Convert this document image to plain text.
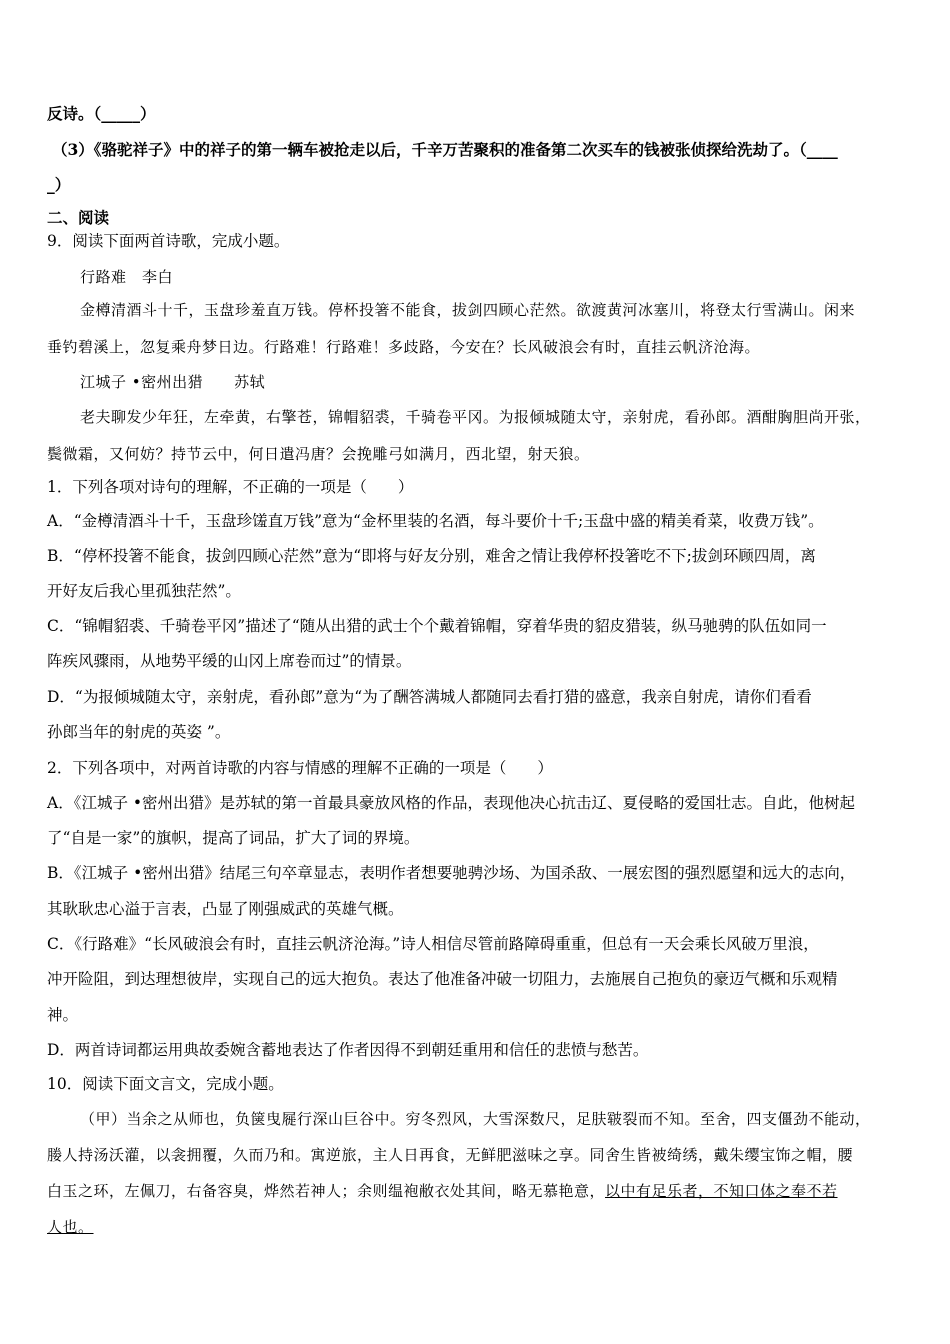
反诗。（_____）
（3）《骆驼祥子》中的祥子的第一辆车被抢走以后，千辛万苦聚积的准备第二次买车的钱被张侦探给洗劫了。（____
_）
二、阅读
9．阅读下面两首诗歌，完成小题。
行路难　李白
金樽清酒斗十千，玉盘珍羞直万钱。停杯投箸不能食，拔剑四顾心茫然。欲渡黄河冰塞川，将登太行雪满山。闲来
垂钓碧溪上，忽复乘舟梦日边。行路难！行路难！多歧路，今安在？长风破浪会有时，直挂云帆济沧海。
江城子 •密州出猎　　苏轼
老夫聊发少年狂，左牵黄，右擎苍，锦帽貂裘，千骑卷平冈。为报倾城随太守，亲射虎，看孙郎。酒酣胸胆尚开张，
鬓微霜，又何妨？持节云中，何日遣冯唐？会挽雕弓如满月，西北望，射天狼。
1．下列各项对诗句的理解，不正确的一项是（　　）
A．“金樽清酒斗十千，玉盘珍馐直万钱”意为“金杯里装的名酒，每斗要价十千;玉盘中盛的精美肴菜，收费万钱”。
B．“停杯投箸不能食，拔剑四顾心茫然”意为“即将与好友分别，难舍之情让我停杯投箸吃不下;拔剑环顾四周，离
开好友后我心里孤独茫然”。
C．“锦帽貂裘、千骑卷平冈”描述了“随从出猎的武士个个戴着锦帽，穿着华贵的貂皮猎装，纵马驰骋的队伍如同一
阵疾风骤雨，从地势平缓的山冈上席卷而过”的情景。
D．“为报倾城随太守，亲射虎，看孙郎”意为“为了酬答满城人都随同去看打猎的盛意，我亲自射虎，请你们看看
孙郎当年的射虎的英姿 ”。
2．下列各项中，对两首诗歌的内容与情感的理解不正确的一项是（　　）
A．《江城子 •密州出猎》是苏轼的第一首最具豪放风格的作品，表现他决心抗击辽、夏侵略的爱国壮志。自此，他树起
了“自是一家”的旗帜，提高了词品，扩大了词的界境。
B．《江城子 •密州出猎》结尾三句卒章显志，表明作者想要驰骋沙场、为国杀敌、一展宏图的强烈愿望和远大的志向，
其耿耿忠心溢于言表，凸显了刚强威武的英雄气概。
C．《行路难》“长风破浪会有时，直挂云帆济沧海。”诗人相信尽管前路障碍重重，但总有一天会乘长风破万里浪，
冲开险阻，到达理想彼岸，实现自己的远大抱负。表达了他准备冲破一切阻力，去施展自己抱负的豪迈气概和乐观精
神。
D．两首诗词都运用典故委婉含蓄地表达了作者因得不到朝廷重用和信任的悲愤与愁苦。
10．阅读下面文言文，完成小题。
（甲）当余之从师也，负箧曳屣行深山巨谷中。穷冬烈风，大雪深数尺，足肤皲裂而不知。至舍，四支僵劲不能动，
媵人持汤沃灌，以衾拥覆，久而乃和。寓逆旅，主人日再食，无鲜肥滋味之享。同舍生皆被绮绣，戴朱缨宝饰之帽，腰
白玉之环，左佩刀，右备容臭，烨然若神人；余则缊袍敝衣处其间，略无慕艳意，以中有足乐者，不知口体之奉不若
人也。
